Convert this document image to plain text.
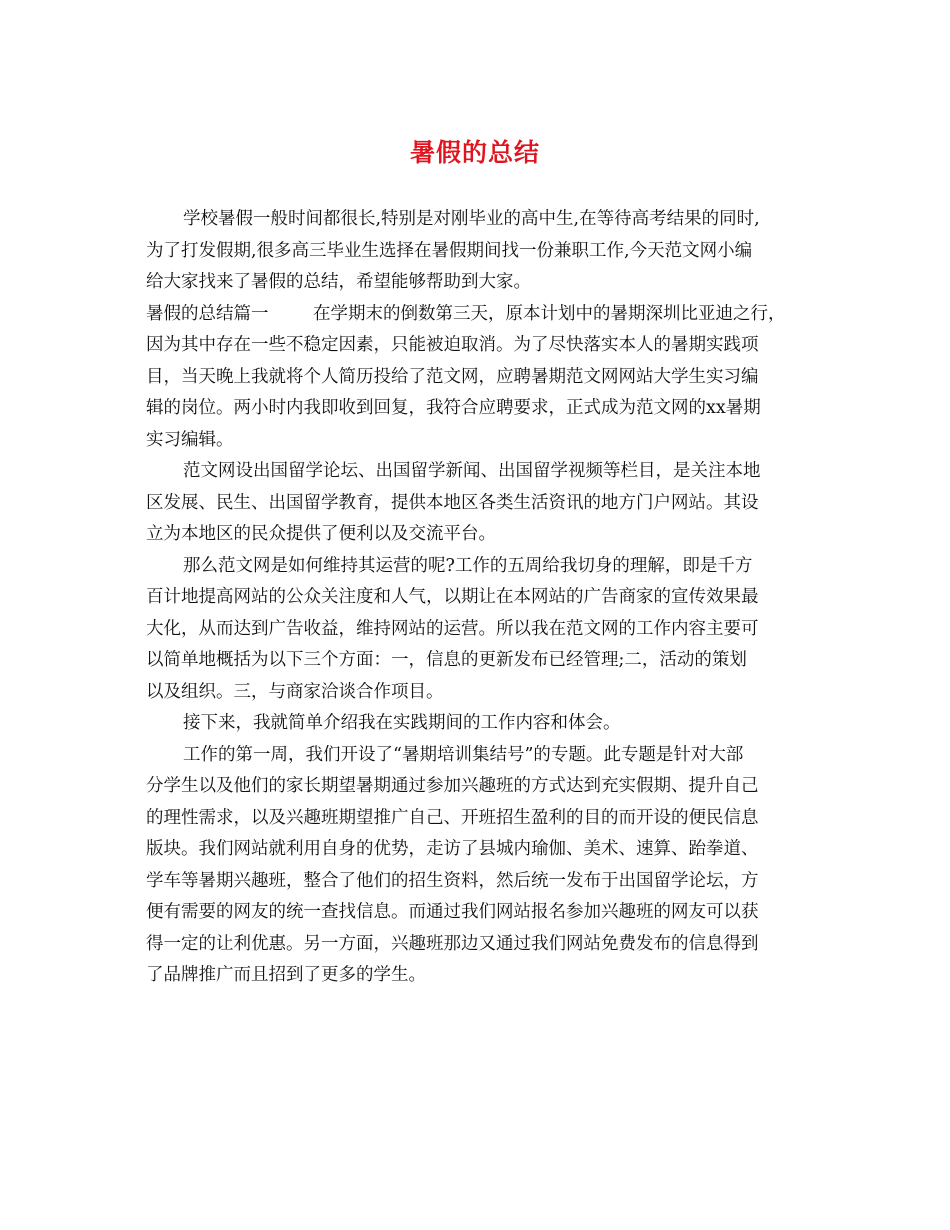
暑假的总结
学校暑假一般时间都很长,特别是对刚毕业的高中生,在等待高考结果的同时,
为了打发假期,很多高三毕业生选择在暑假期间找一份兼职工作,今天范文网小编
给大家找来了暑假的总结，希望能够帮助到大家。
暑假的总结篇一	在学期末的倒数第三天，原本计划中的暑期深圳比亚迪之行，
因为其中存在一些不稳定因素，只能被迫取消。为了尽快落实本人的暑期实践项
目，当天晚上我就将个人简历投给了范文网，应聘暑期范文网网站大学生实习编
辑的岗位。两小时内我即收到回复，我符合应聘要求，正式成为范文网的xx暑期
实习编辑。
范文网设出国留学论坛、出国留学新闻、出国留学视频等栏目，是关注本地
区发展、民生、出国留学教育，提供本地区各类生活资讯的地方门户网站。其设
立为本地区的民众提供了便利以及交流平台。
那么范文网是如何维持其运营的呢?工作的五周给我切身的理解，即是千方
百计地提高网站的公众关注度和人气，以期让在本网站的广告商家的宣传效果最
大化，从而达到广告收益，维持网站的运营。所以我在范文网的工作内容主要可
以简单地概括为以下三个方面：一，信息的更新发布已经管理;二，活动的策划
以及组织。三，与商家洽谈合作项目。
接下来，我就简单介绍我在实践期间的工作内容和体会。
工作的第一周，我们开设了“暑期培训集结号”的专题。此专题是针对大部
分学生以及他们的家长期望暑期通过参加兴趣班的方式达到充实假期、提升自己
的理性需求，以及兴趣班期望推广自己、开班招生盈利的目的而开设的便民信息
版块。我们网站就利用自身的优势，走访了县城内瑜伽、美术、速算、跆拳道、
学车等暑期兴趣班，整合了他们的招生资料，然后统一发布于出国留学论坛，方
便有需要的网友的统一查找信息。而通过我们网站报名参加兴趣班的网友可以获
得一定的让利优惠。另一方面，兴趣班那边又通过我们网站免费发布的信息得到
了品牌推广而且招到了更多的学生。
